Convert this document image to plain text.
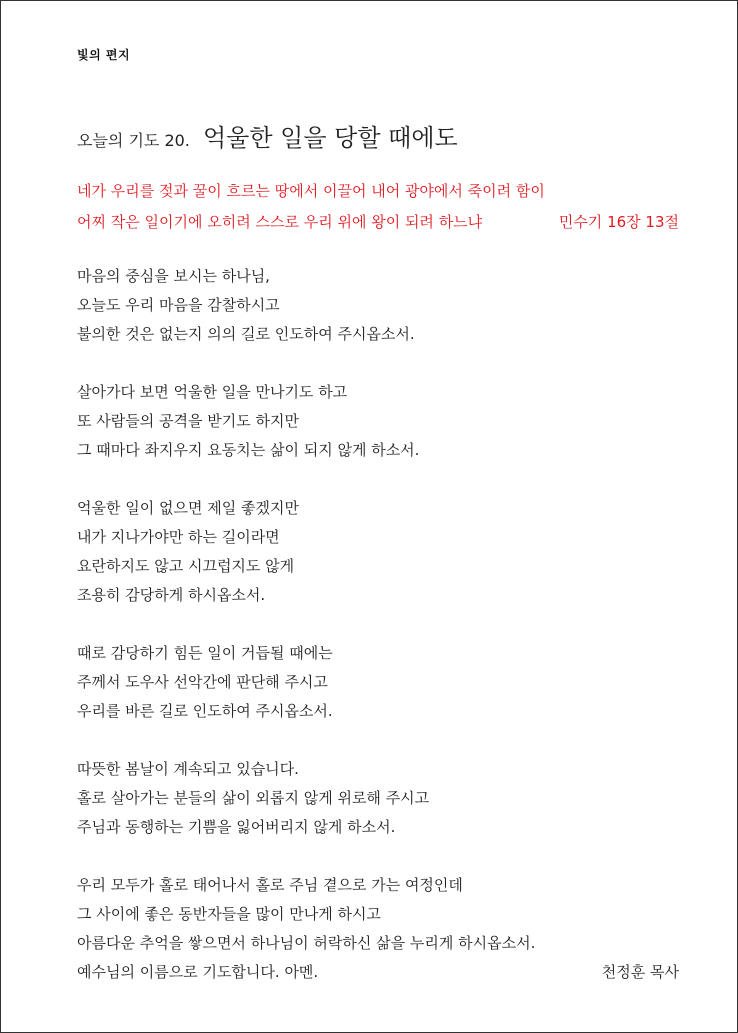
빛의 편지
오늘의 기도 20. 억울한 일을 당할 때에도
네가 우리를 젖과 꿀이 흐르는 땅에서 이끌어 내어 광야에서 죽이려 함이
어찌 작은 일이기에 오히려 스스로 우리 위에 왕이 되려 하느냐	민수기 16장 13절
마음의 중심을 보시는 하나님,
오늘도 우리 마음을 감찰하시고
불의한 것은 없는지 의의 길로 인도하여 주시옵소서.
살아가다 보면 억울한 일을 만나기도 하고
또 사람들의 공격을 받기도 하지만
그 때마다 좌지우지 요동치는 삶이 되지 않게 하소서.
억울한 일이 없으면 제일 좋겠지만
내가 지나가야만 하는 길이라면
요란하지도 않고 시끄럽지도 않게
조용히 감당하게 하시옵소서.
때로 감당하기 힘든 일이 거듭될 때에는
주께서 도우사 선악간에 판단해 주시고
우리를 바른 길로 인도하여 주시옵소서.
따뜻한 봄날이 계속되고 있습니다.
홀로 살아가는 분들의 삶이 외롭지 않게 위로해 주시고
주님과 동행하는 기쁨을 잃어버리지 않게 하소서.
우리 모두가 홀로 태어나서 홀로 주님 곁으로 가는 여정인데
그 사이에 좋은 동반자들을 많이 만나게 하시고
아름다운 추억을 쌓으면서 하나님이 허락하신 삶을 누리게 하시옵소서.
예수님의 이름으로 기도합니다. 아멘.	천정훈 목사
